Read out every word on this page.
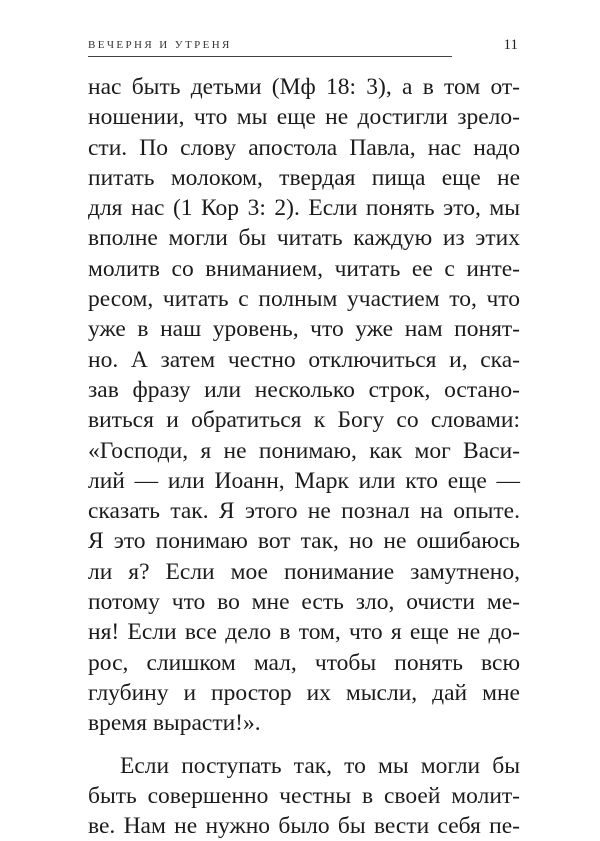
ВЕЧЕРНЯ И УТРЕНЯ	11
нас быть детьми (Мф 18: 3), а в том от-
ношении, что мы еще не достигли зрело-
сти. По слову апостола Павла, нас надо
питать молоком, твердая пища еще не
для нас (1 Кор 3: 2). Если понять это, мы
вполне могли бы читать каждую из этих
молитв со вниманием, читать ее с инте-
ресом, читать с полным участием то, что
уже в наш уровень, что уже нам понят-
но. А затем честно отключиться и, ска-
зав фразу или несколько строк, остано-
виться и обратиться к Богу со словами:
«Господи, я не понимаю, как мог Васи-
лий — или Иоанн, Марк или кто еще —
сказать так. Я этого не познал на опыте.
Я это понимаю вот так, но не ошибаюсь
ли я? Если мое понимание замутнено,
потому что во мне есть зло, очисти ме-
ня! Если все дело в том, что я еще не до-
рос, слишком мал, чтобы понять всю
глубину и простор их мысли, дай мне
время вырасти!».
Если поступать так, то мы могли бы
быть совершенно честны в своей молит-
ве. Нам не нужно было бы вести себя пе-
